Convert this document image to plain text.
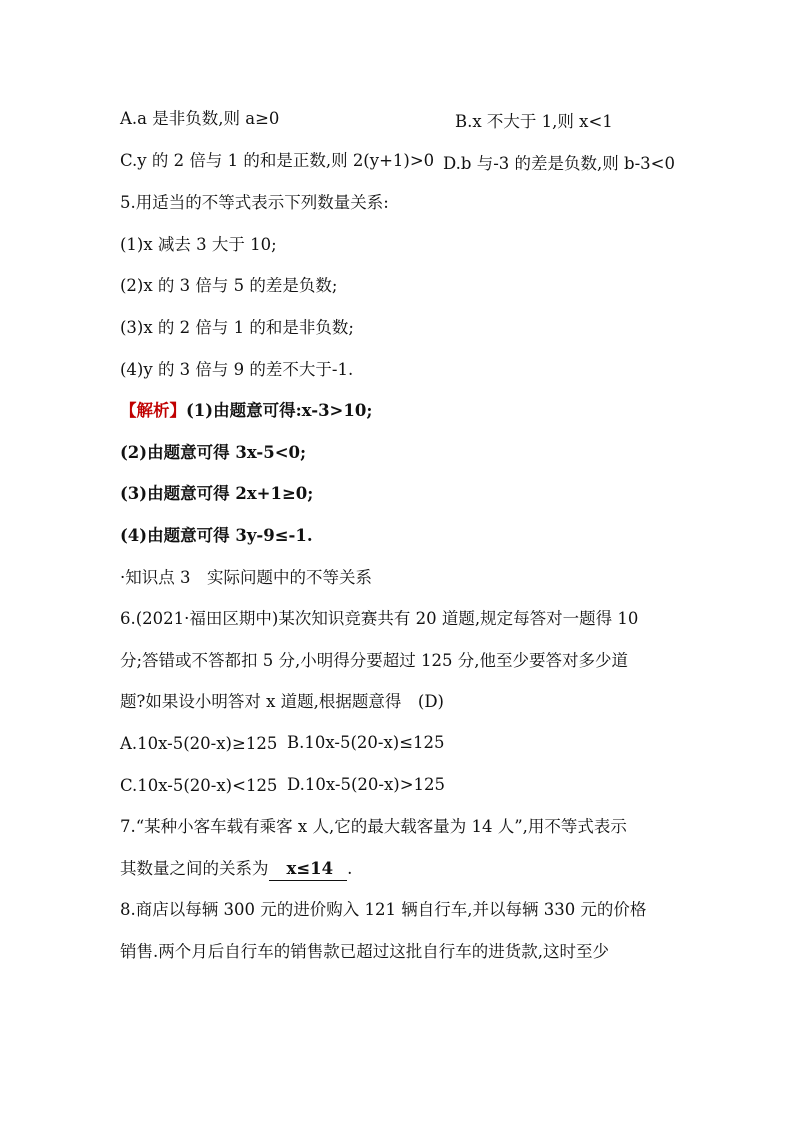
A.a 是非负数,则 a≥0	B.x 不大于 1,则 x<1
C.y 的 2 倍与 1 的和是正数,则 2(y+1)>0 D.b 与-3 的差是负数,则 b-3<0
5.用适当的不等式表示下列数量关系:
(1)x 减去 3 大于 10;
(2)x 的 3 倍与 5 的差是负数;
(3)x 的 2 倍与 1 的和是非负数;
(4)y 的 3 倍与 9 的差不大于-1.
【解析】(1)由题意可得:x-3>10;
(2)由题意可得 3x-5<0;
(3)由题意可得 2x+1≥0;
(4)由题意可得 3y-9≤-1.
·知识点 3　实际问题中的不等关系
6.(2021·福田区期中)某次知识竞赛共有 20 道题,规定每答对一题得 10
分;答错或不答都扣 5 分,小明得分要超过 125 分,他至少要答对多少道
题?如果设小明答对 x 道题,根据题意得　(D)
A.10x-5(20-x)≥125 B.10x-5(20-x)≤125
C.10x-5(20-x)<125 D.10x-5(20-x)>125
7.“某种小客车载有乘客 x 人,它的最大载客量为 14 人”,用不等式表示
其数量之间的关系为 x≤14 .
8.商店以每辆 300 元的进价购入 121 辆自行车,并以每辆 330 元的价格
销售.两个月后自行车的销售款已超过这批自行车的进货款,这时至少
